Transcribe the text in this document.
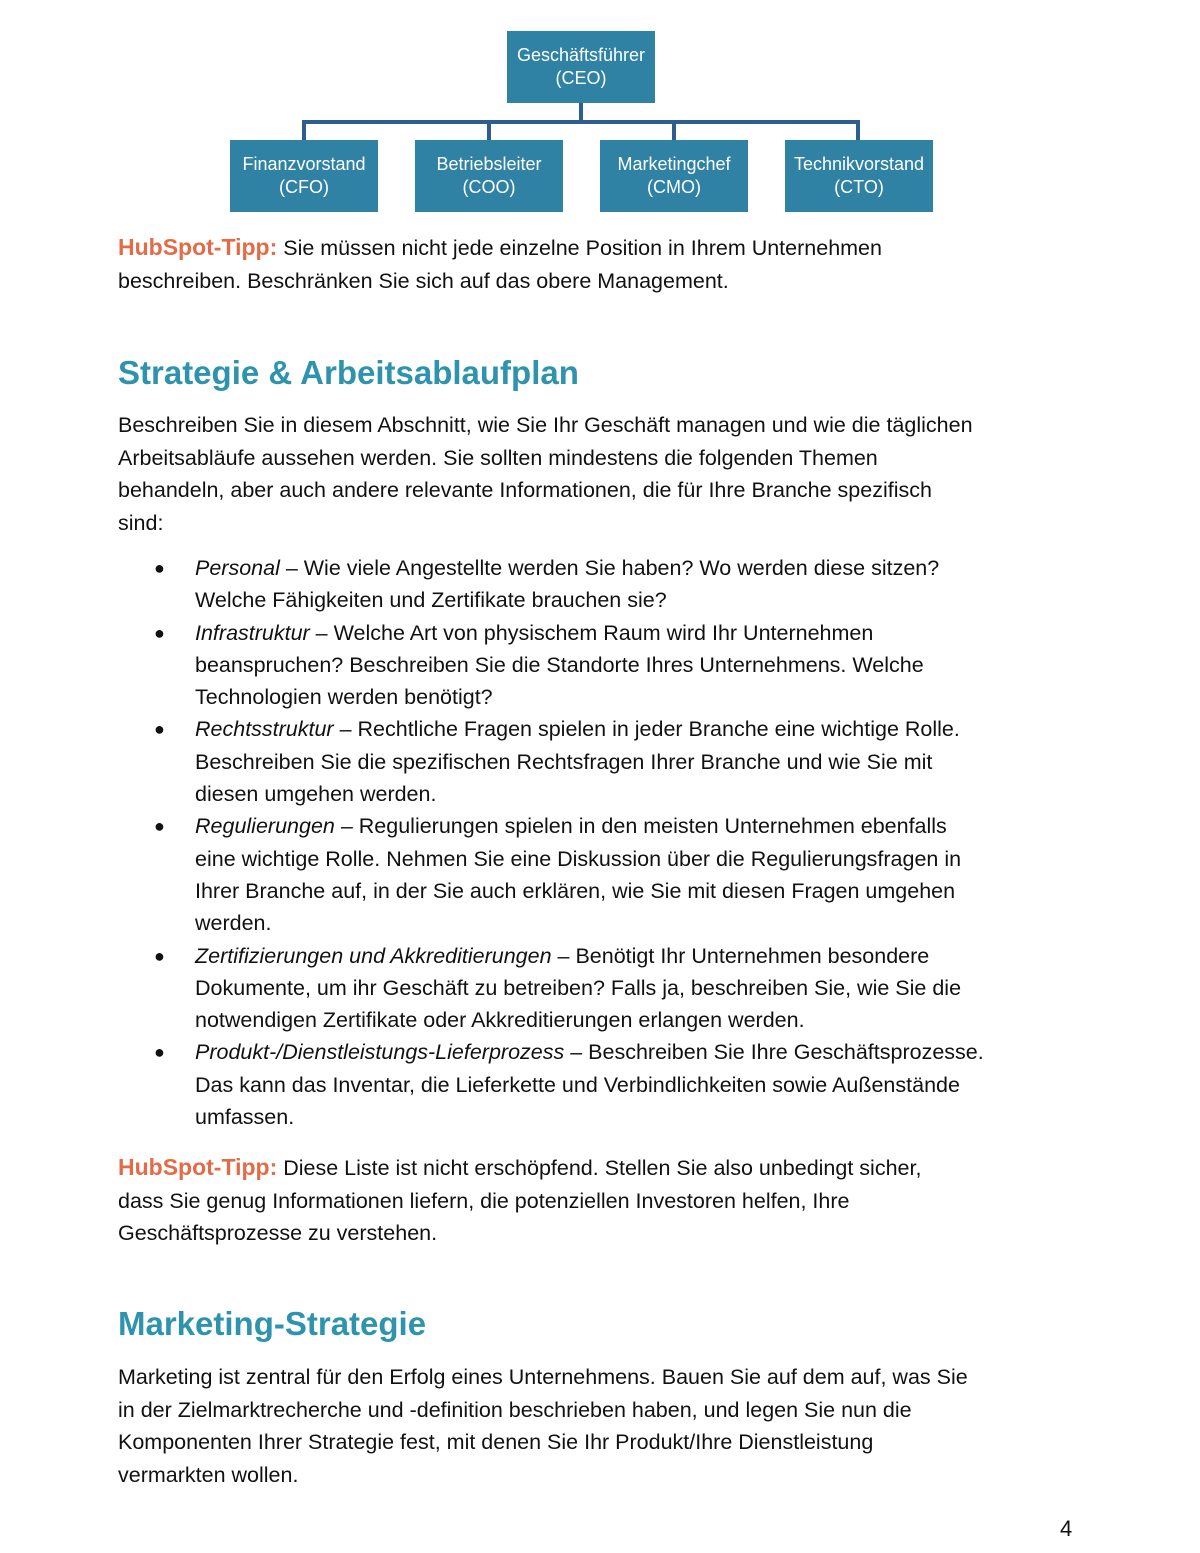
Geschäftsführer
(CEO)
Finanzvorstand
(CFO)
Betriebsleiter
(COO)
Marketingchef
(CMO)
Technikvorstand
(CTO)
HubSpot-Tipp: Sie müssen nicht jede einzelne Position in Ihrem Unternehmen
beschreiben. Beschränken Sie sich auf das obere Management.
Strategie & Arbeitsablaufplan
Beschreiben Sie in diesem Abschnitt, wie Sie Ihr Geschäft managen und wie die täglichen
Arbeitsabläufe aussehen werden. Sie sollten mindestens die folgenden Themen
behandeln, aber auch andere relevante Informationen, die für Ihre Branche spezifisch
sind:
● Personal – Wie viele Angestellte werden Sie haben? Wo werden diese sitzen?
Welche Fähigkeiten und Zertifikate brauchen sie?
● Infrastruktur – Welche Art von physischem Raum wird Ihr Unternehmen
beanspruchen? Beschreiben Sie die Standorte Ihres Unternehmens. Welche
Technologien werden benötigt?
● Rechtsstruktur – Rechtliche Fragen spielen in jeder Branche eine wichtige Rolle.
Beschreiben Sie die spezifischen Rechtsfragen Ihrer Branche und wie Sie mit
diesen umgehen werden.
● Regulierungen – Regulierungen spielen in den meisten Unternehmen ebenfalls
eine wichtige Rolle. Nehmen Sie eine Diskussion über die Regulierungsfragen in
Ihrer Branche auf, in der Sie auch erklären, wie Sie mit diesen Fragen umgehen
werden.
● Zertifizierungen und Akkreditierungen – Benötigt Ihr Unternehmen besondere
Dokumente, um ihr Geschäft zu betreiben? Falls ja, beschreiben Sie, wie Sie die
notwendigen Zertifikate oder Akkreditierungen erlangen werden.
● Produkt-/Dienstleistungs-Lieferprozess – Beschreiben Sie Ihre Geschäftsprozesse.
Das kann das Inventar, die Lieferkette und Verbindlichkeiten sowie Außenstände
umfassen.
HubSpot-Tipp: Diese Liste ist nicht erschöpfend. Stellen Sie also unbedingt sicher,
dass Sie genug Informationen liefern, die potenziellen Investoren helfen, Ihre
Geschäftsprozesse zu verstehen.
Marketing-Strategie
Marketing ist zentral für den Erfolg eines Unternehmens. Bauen Sie auf dem auf, was Sie
in der Zielmarktrecherche und -definition beschrieben haben, und legen Sie nun die
Komponenten Ihrer Strategie fest, mit denen Sie Ihr Produkt/Ihre Dienstleistung
vermarkten wollen.
4
